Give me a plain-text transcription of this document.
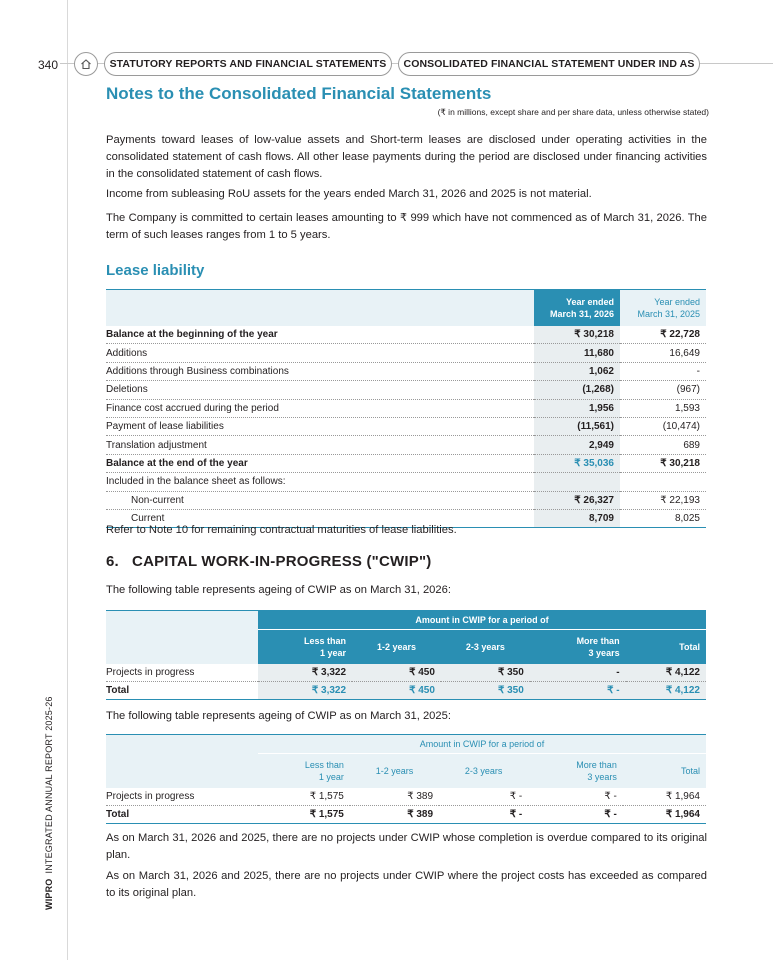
WIPROINTEGRATED ANNUAL REPORT 2025-26
340	STATUTORY REPORTS AND FINANCIAL STATEMENTS	CONSOLIDATED FINANCIAL STATEMENT UNDER IND AS
Notes to the Consolidated Financial Statements
(₹ in millions, except share and per share data, unless otherwise stated)

Payments toward leases of low-value assets and Short-term leases are disclosed under operating activities in the consolidated statement of cash flows. All other lease payments during the period are disclosed under financing activities in the consolidated statement of cash flows.

Income from subleasing RoU assets for the years ended March 31, 2026 and 2025 is not material.

The Company is committed to certain leases amounting to ₹ 999 which have not commenced as of March 31, 2026. The term of such leases ranges from 1 to 5 years.

Lease liability
	Year ended
March 31, 2026	Year ended
March 31, 2025
Balance at the beginning of the year	₹ 30,218	₹ 22,728
Additions	11,680	16,649
Additions through Business combinations	1,062	-
Deletions	(1,268)	(967)
Finance cost accrued during the period	1,956	1,593
Payment of lease liabilities	(11,561)	(10,474)
Translation adjustment	2,949	689
Balance at the end of the year	₹ 35,036	₹ 30,218
Included in the balance sheet as follows:		
Non-current	₹ 26,327	₹ 22,193
Current	8,709	8,025

Refer to Note 10 for remaining contractual maturities of lease liabilities.

6. CAPITAL WORK-IN-PROGRESS ("CWIP")

The following table represents ageing of CWIP as on March 31, 2026:

	Amount in CWIP for a period of				
	Less than
1 year	1-2 years	2-3 years	More than
3 years	Total
Projects in progress	₹ 3,322	₹ 450	₹ 350	-	₹ 4,122
Total	₹ 3,322	₹ 450	₹ 350	₹ -	₹ 4,122

The following table represents ageing of CWIP as on March 31, 2025:

	Amount in CWIP for a period of				
	Less than
1 year	1-2 years	2-3 years	More than
3 years	Total
Projects in progress	₹ 1,575	₹ 389	₹ -	₹ -	₹ 1,964
Total	₹ 1,575	₹ 389	₹ -	₹ -	₹ 1,964

As on March 31, 2026 and 2025, there are no projects under CWIP whose completion is overdue compared to its original plan.

As on March 31, 2026 and 2025, there are no projects under CWIP where the project costs has exceeded as compared to its original plan.
